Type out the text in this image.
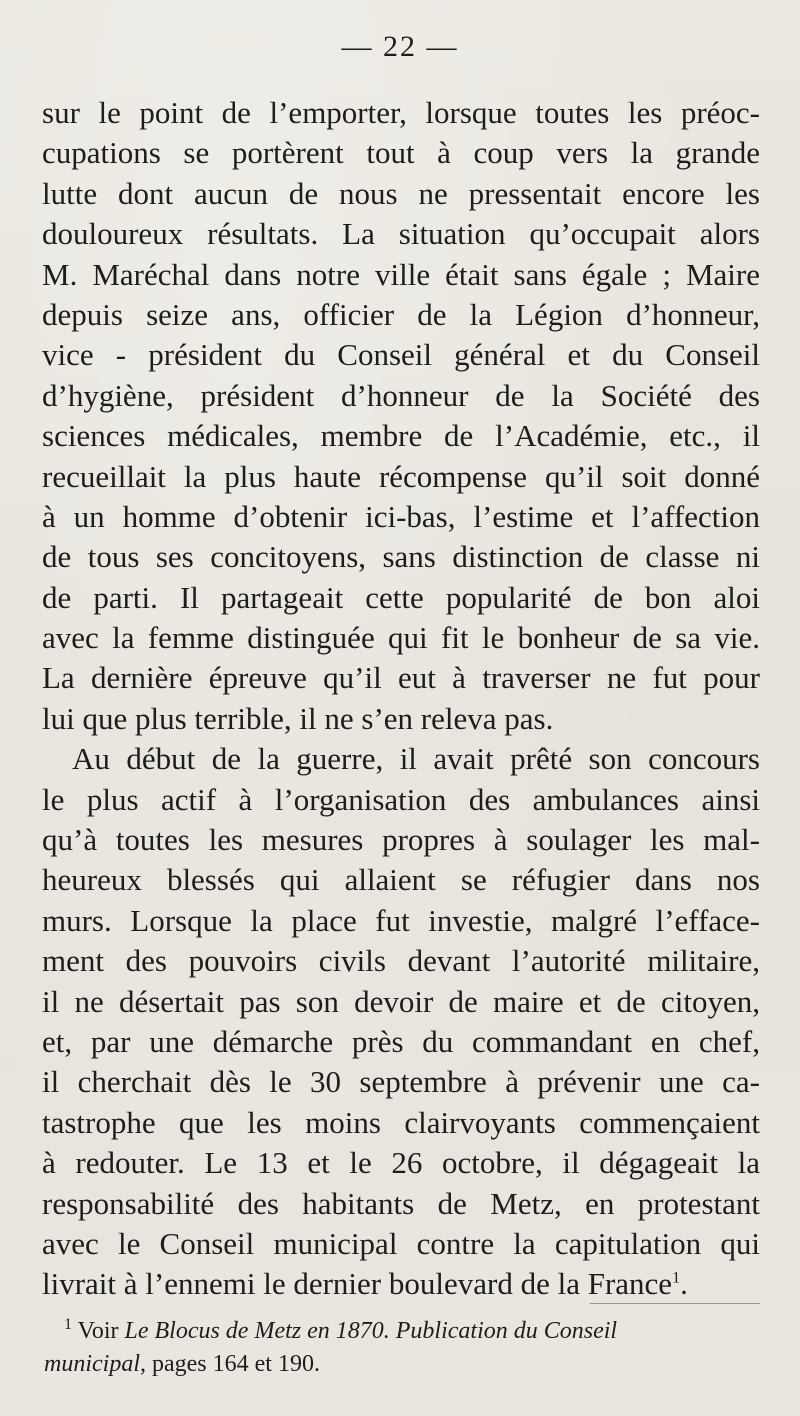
— 22 —
sur le point de l’emporter, lorsque toutes les préoc-
cupations se portèrent tout à coup vers la grande
lutte dont aucun de nous ne pressentait encore les
douloureux résultats. La situation qu’occupait alors
M. Maréchal dans notre ville était sans égale ; Maire
depuis seize ans, officier de la Légion d’honneur,
vice - président du Conseil général et du Conseil
d’hygiène, président d’honneur de la Société des
sciences médicales, membre de l’Académie, etc., il
recueillait la plus haute récompense qu’il soit donné
à un homme d’obtenir ici-bas, l’estime et l’affection
de tous ses concitoyens, sans distinction de classe ni
de parti. Il partageait cette popularité de bon aloi
avec la femme distinguée qui fit le bonheur de sa vie.
La dernière épreuve qu’il eut à traverser ne fut pour
lui que plus terrible, il ne s’en releva pas.
Au début de la guerre, il avait prêté son concours
le plus actif à l’organisation des ambulances ainsi
qu’à toutes les mesures propres à soulager les mal-
heureux blessés qui allaient se réfugier dans nos
murs. Lorsque la place fut investie, malgré l’efface-
ment des pouvoirs civils devant l’autorité militaire,
il ne désertait pas son devoir de maire et de citoyen,
et, par une démarche près du commandant en chef,
il cherchait dès le 30 septembre à prévenir une ca-
tastrophe que les moins clairvoyants commençaient
à redouter. Le 13 et le 26 octobre, il dégageait la
responsabilité des habitants de Metz, en protestant
avec le Conseil municipal contre la capitulation qui
livrait à l’ennemi le dernier boulevard de la France$^1$.
$^1$ Voir Le Blocus de Metz en 1870. Publication du Conseil
municipal, pages 164 et 190.
